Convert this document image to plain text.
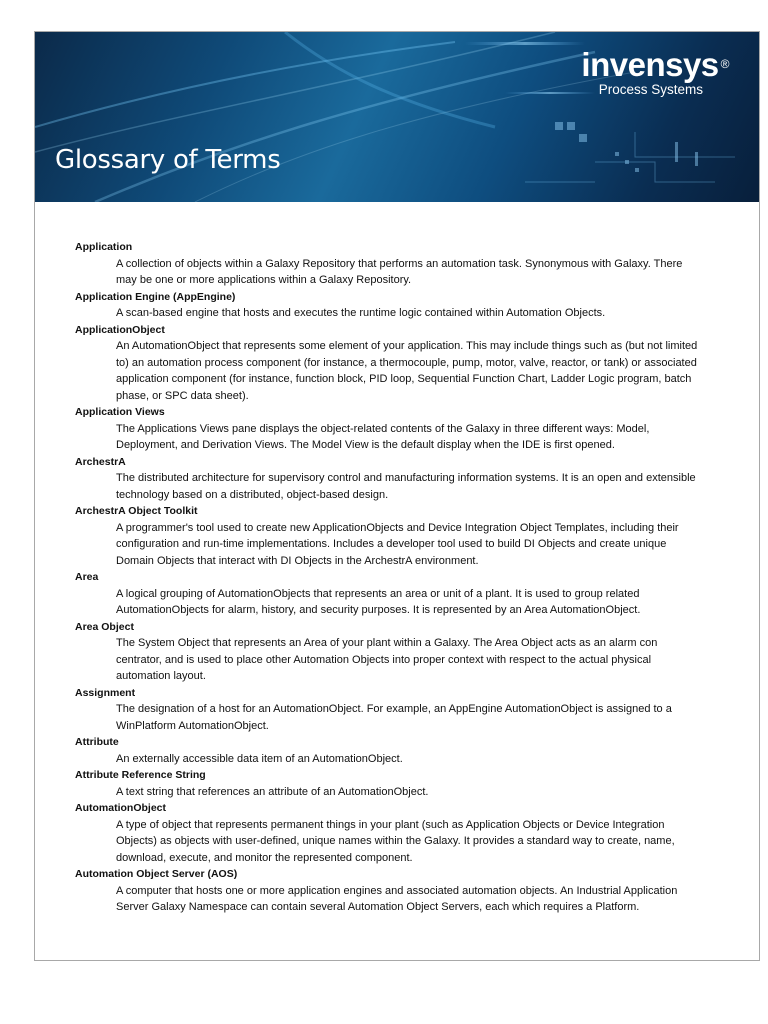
invensys ®
Process Systems
Glossary of Terms

Application

A collection of objects within a Galaxy Repository that performs an automation task. Synonymous with Galaxy. There may be one or more applications within a Galaxy Repository.

Application Engine (AppEngine)

A scan-based engine that hosts and executes the runtime logic contained within Automation Objects.

ApplicationObject

An AutomationObject that represents some element of your application. This may include things such as (but not limited to) an automation process component (for instance, a thermocouple, pump, motor, valve, reactor, or tank) or associated application component (for instance, function block, PID loop, Sequential Function Chart, Ladder Logic program, batch phase, or SPC data sheet).

Application Views

The Applications Views pane displays the object-related contents of the Galaxy in three different ways: Model, Deployment, and Derivation Views. The Model View is the default display when the IDE is first opened.

ArchestrA

The distributed architecture for supervisory control and manufacturing information systems. It is an open and extensible technology based on a distributed, object-based design.

ArchestrA Object Toolkit

A programmer's tool used to create new ApplicationObjects and Device Integration Object Templates, including their configuration and run-time implementations. Includes a developer tool used to build DI Objects and create unique Domain Objects that interact with DI Objects in the ArchestrA environment.

Area

A logical grouping of AutomationObjects that represents an area or unit of a plant. It is used to group related AutomationObjects for alarm, history, and security purposes. It is represented by an Area AutomationObject.

Area Object

The System Object that represents an Area of your plant within a Galaxy. The Area Object acts as an alarm con centrator, and is used to place other Automation Objects into proper context with respect to the actual physical automation layout.

Assignment

The designation of a host for an AutomationObject. For example, an AppEngine AutomationObject is assigned to a WinPlatform AutomationObject.

Attribute

An externally accessible data item of an AutomationObject.

Attribute Reference String

A text string that references an attribute of an AutomationObject.

AutomationObject

A type of object that represents permanent things in your plant (such as Application Objects or Device Integration Objects) as objects with user-defined, unique names within the Galaxy. It provides a standard way to create, name, download, execute, and monitor the represented component.

Automation Object Server (AOS)

A computer that hosts one or more application engines and associated automation objects. An Industrial Application Server Galaxy Namespace can contain several Automation Object Servers, each which requires a Platform.
